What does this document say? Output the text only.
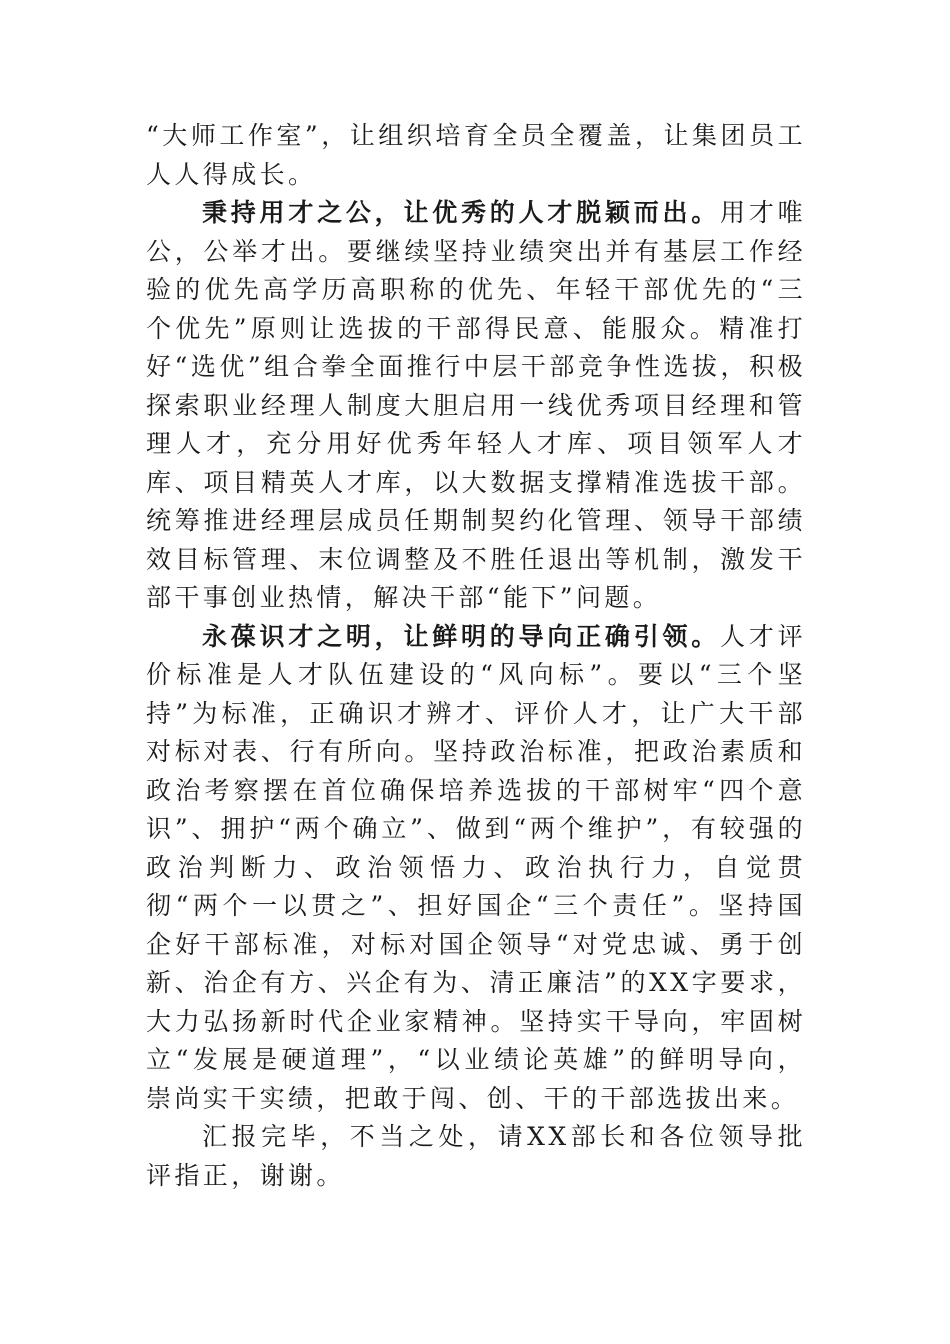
“大师工作室”，让组织培育全员全覆盖，让集团员工人人得成长。

秉持用才之公，让优秀的人才脱颖而出。用才唯公，公举才出。要继续坚持业绩突出并有基层工作经验的优先高学历高职称的优先、年轻干部优先的“三个优先”原则让选拔的干部得民意、能服众。精准打好“选优”组合拳全面推行中层干部竞争性选拔，积极探索职业经理人制度大胆启用一线优秀项目经理和管理人才，充分用好优秀年轻人才库、项目领军人才库、项目精英人才库，以大数据支撑精准选拔干部。统筹推进经理层成员任期制契约化管理、领导干部绩效目标管理、末位调整及不胜任退出等机制，激发干部干事创业热情，解决干部“能下”问题。

永葆识才之明，让鲜明的导向正确引领。人才评价标准是人才队伍建设的“风向标”。要以“三个坚持”为标准，正确识才辨才、评价人才，让广大干部对标对表、行有所向。坚持政治标准，把政治素质和政治考察摆在首位确保培养选拔的干部树牢“四个意识”、拥护“两个确立”、做到“两个维护”，有较强的政治判断力、政治领悟力、政治执行力，自觉贯彻“两个一以贯之”、担好国企“三个责任”。坚持国企好干部标准，对标对国企领导“对党忠诚、勇于创新、治企有方、兴企有为、清正廉洁”的XX字要求，大力弘扬新时代企业家精神。坚持实干导向，牢固树立“发展是硬道理”，“以业绩论英雄”的鲜明导向，崇尚实干实绩，把敢于闯、创、干的干部选拔出来。

汇报完毕，不当之处，请XX部长和各位领导批评指正，谢谢。
